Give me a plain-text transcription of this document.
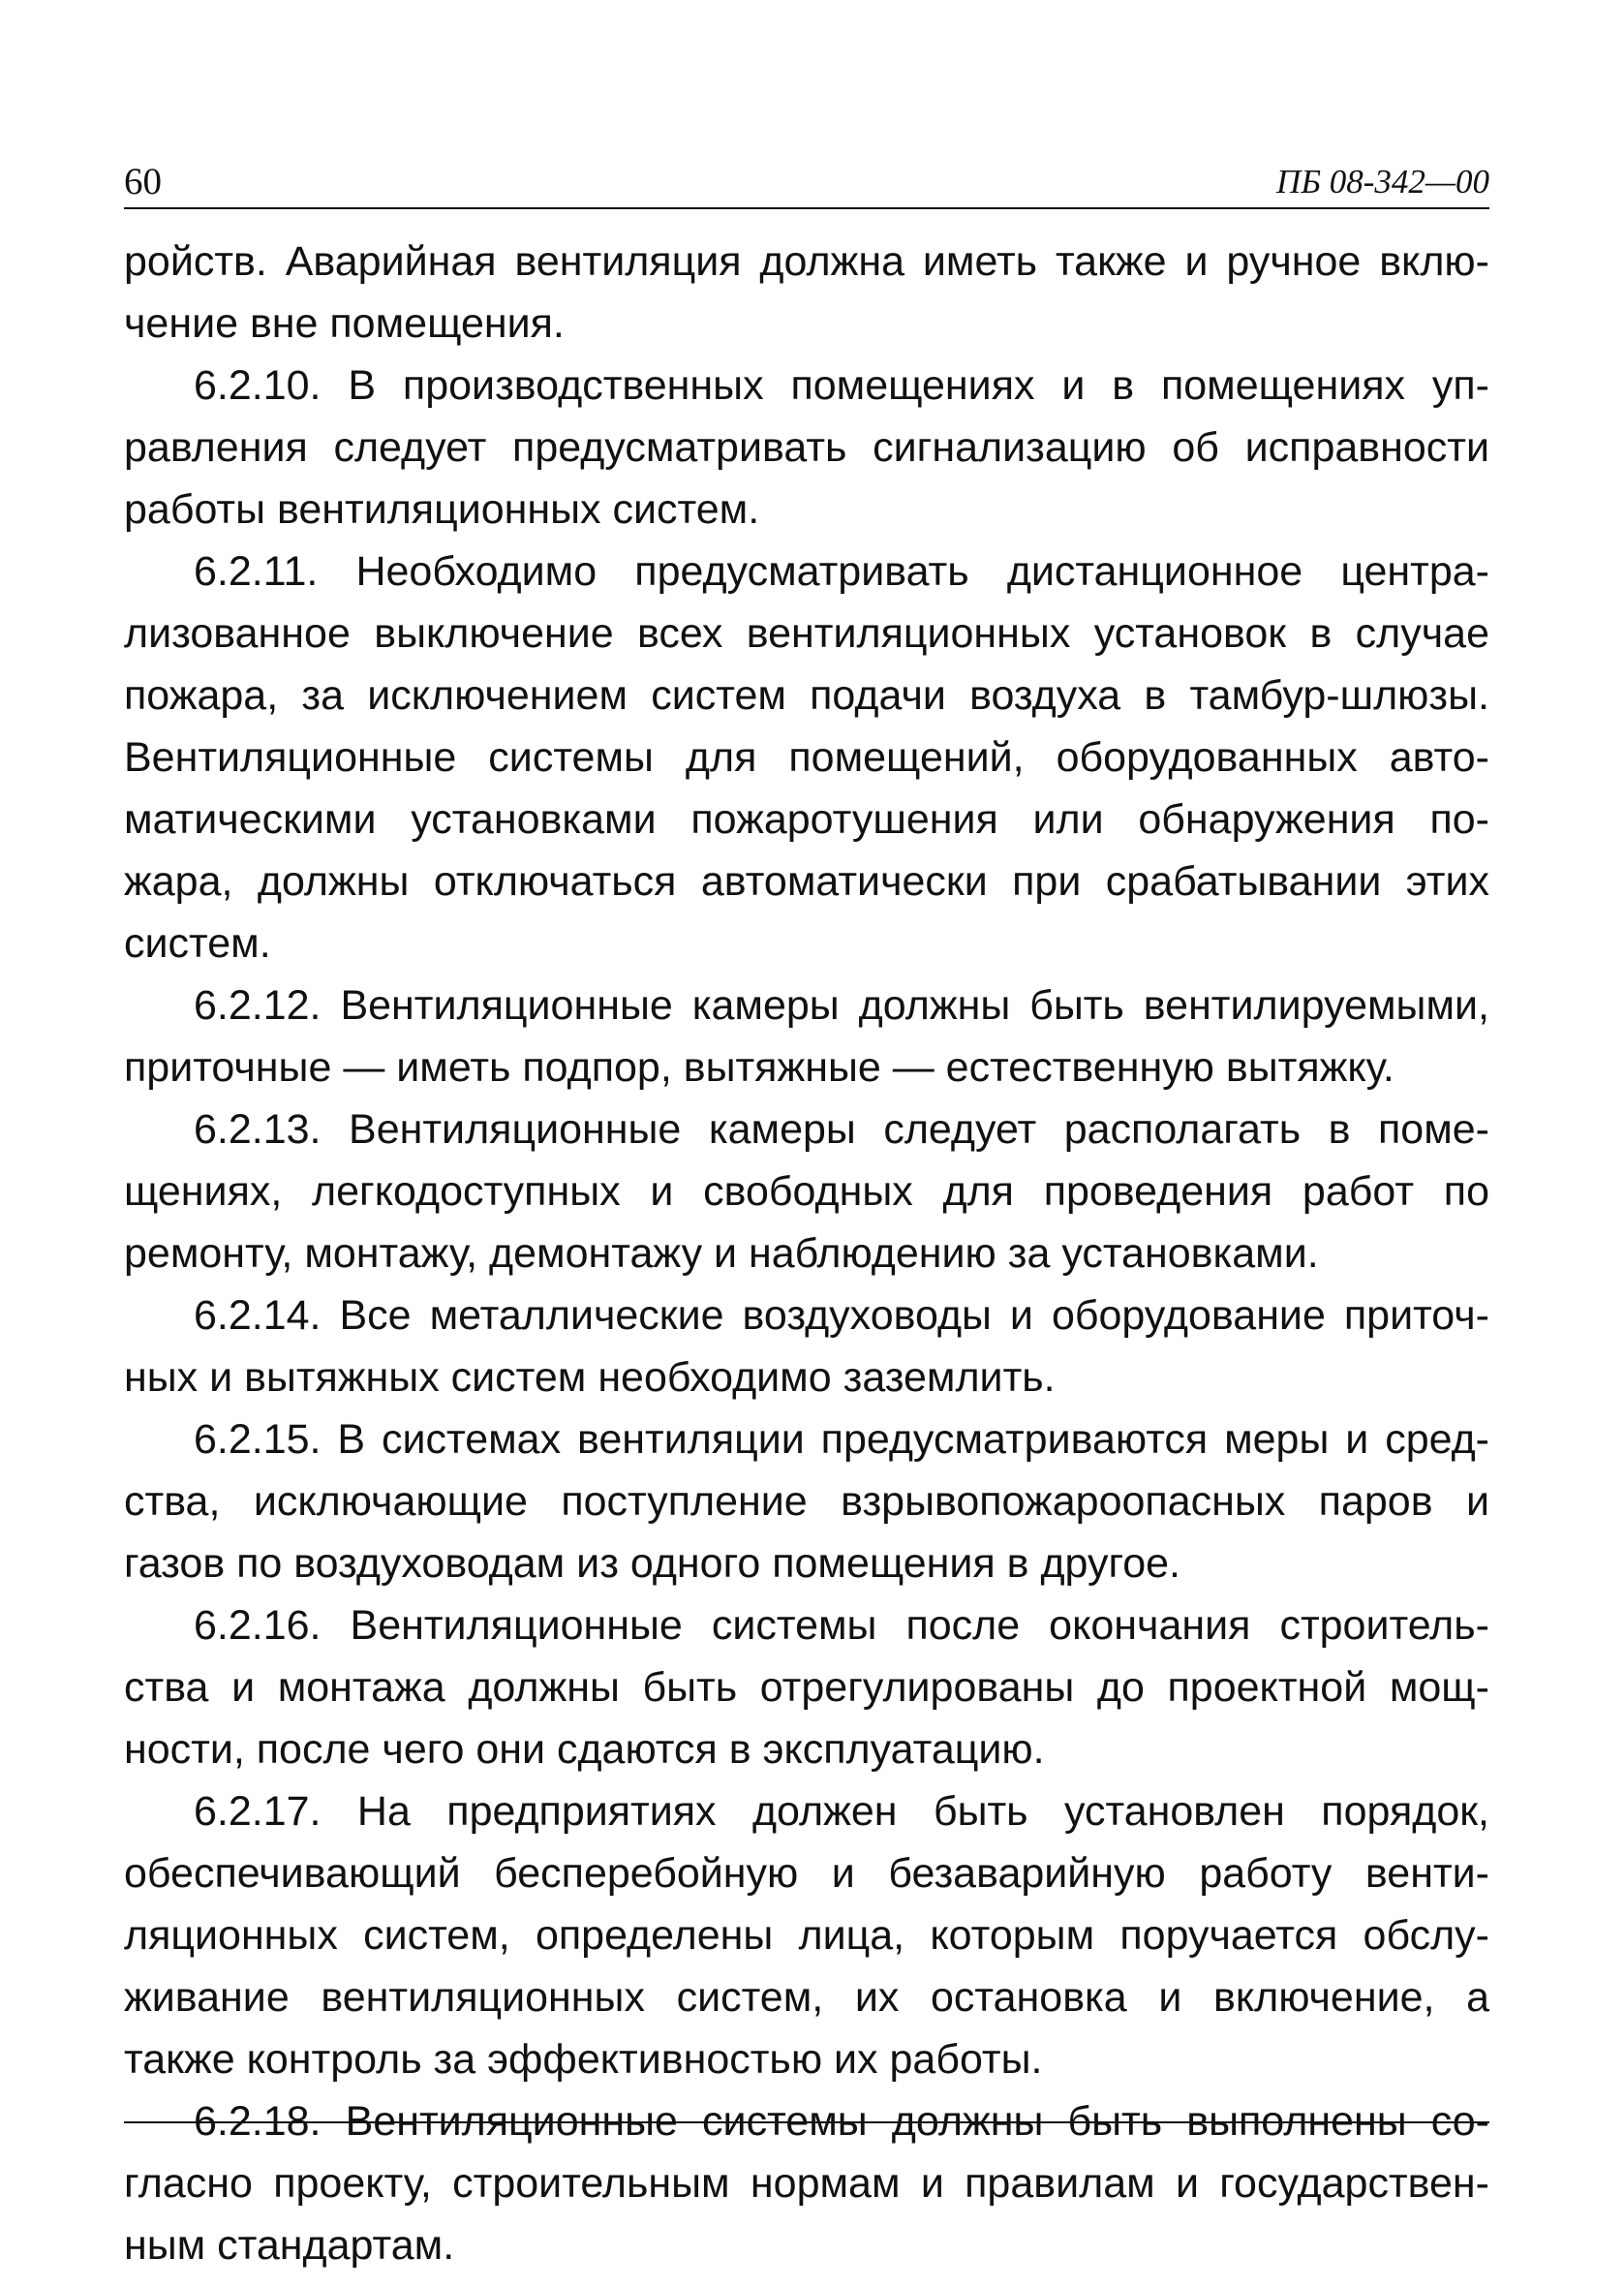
60	ПБ 08-342—00
ройств. Аварийная вентиляция должна иметь также и ручное вклю-
чение вне помещения.
6.2.10. В производственных помещениях и в помещениях уп-
равления следует предусматривать сигнализацию об исправности
работы вентиляционных систем.
6.2.11. Необходимо предусматривать дистанционное центра-
лизованное выключение всех вентиляционных установок в случае
пожара, за исключением систем подачи воздуха в тамбур-шлюзы.
Вентиляционные системы для помещений, оборудованных авто-
матическими установками пожаротушения или обнаружения по-
жара, должны отключаться автоматически при срабатывании этих
систем.
6.2.12. Вентиляционные камеры должны быть вентилируемыми,
приточные — иметь подпор, вытяжные — естественную вытяжку.
6.2.13. Вентиляционные камеры следует располагать в поме-
щениях, легкодоступных и свободных для проведения работ по
ремонту, монтажу, демонтажу и наблюдению за установками.
6.2.14. Все металлические воздуховоды и оборудование приточ-
ных и вытяжных систем необходимо заземлить.
6.2.15. В системах вентиляции предусматриваются меры и сред-
ства, исключающие поступление взрывопожароопасных паров и
газов по воздуховодам из одного помещения в другое.
6.2.16. Вентиляционные системы после окончания строитель-
ства и монтажа должны быть отрегулированы до проектной мощ-
ности, после чего они сдаются в эксплуатацию.
6.2.17. На предприятиях должен быть установлен порядок,
обеспечивающий бесперебойную и безаварийную работу венти-
ляционных систем, определены лица, которым поручается обслу-
живание вентиляционных систем, их остановка и включение, а
также контроль за эффективностью их работы.
6.2.18. Вентиляционные системы должны быть выполнены со-
гласно проекту, строительным нормам и правилам и государствен-
ным стандартам.
